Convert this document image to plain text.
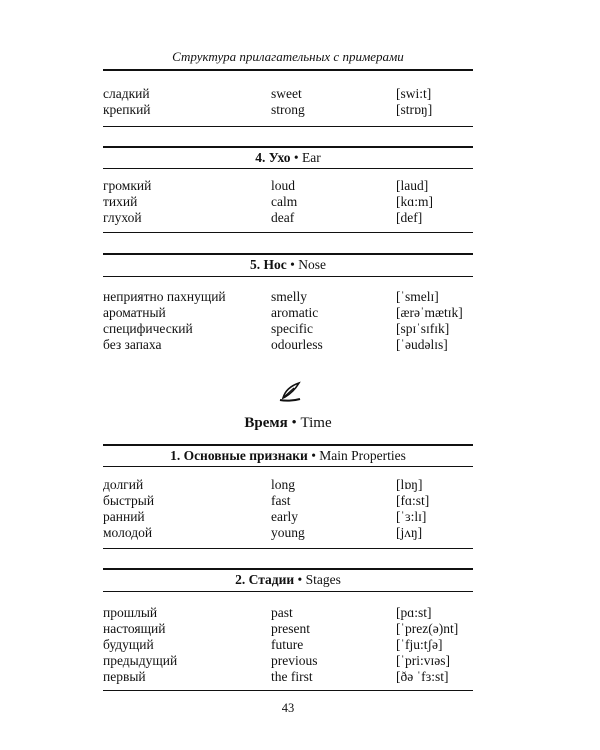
Структура прилагательных с примерами
сладкий	sweet	[swi:t]
крепкий	strong	[strɒŋ]
4. Ухо • Ear
громкий	loud	[laud]
тихий	calm	[kɑ:m]
глухой	deaf	[def]
5. Нос • Nose
неприятно пахнущий	smelly	[ˈsmelɪ]
ароматный	aromatic	[ærəˈmætɪk]
специфический	specific	[spɪˈsɪfɪk]
без запаха	odourless	[ˈəudəlɪs]
Время • Time
1. Основные признаки • Main Properties
долгий	long	[lɒŋ]
быстрый	fast	[fɑ:st]
ранний	early	[ˈɜ:lɪ]
молодой	young	[jʌŋ]
2. Стадии • Stages
прошлый	past	[pɑ:st]
настоящий	present	[ˈprez(ə)nt]
будущий	future	[ˈfju:tʃə]
предыдущий	previous	[ˈpri:vɪəs]
первый	the first	[ðə ˈfɜ:st]
43
